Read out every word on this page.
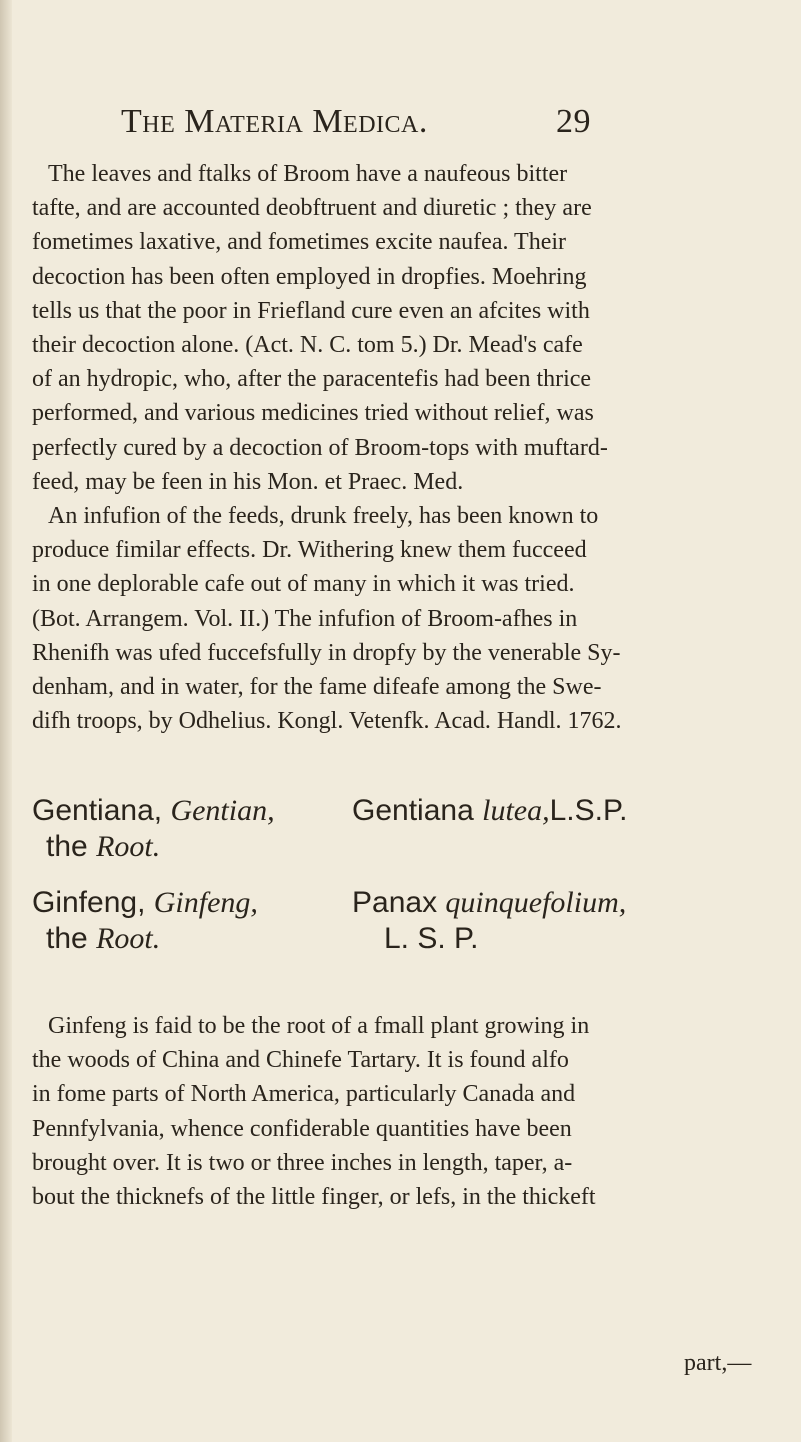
The Materia Medica.	29
The leaves and ftalks of Broom have a naufeous bitter
tafte, and are accounted deobftruent and diuretic ; they are
fometimes laxative, and fometimes excite naufea. Their
decoction has been often employed in dropfies. Moehring
tells us that the poor in Friefland cure even an afcites with
their decoction alone. (Act. N. C. tom 5.) Dr. Mead's cafe
of an hydropic, who, after the paracentefis had been thrice
performed, and various medicines tried without relief, was
perfectly cured by a decoction of Broom-tops with muftard-
feed, may be feen in his Mon. et Praec. Med.
An infufion of the feeds, drunk freely, has been known to
produce fimilar effects. Dr. Withering knew them fucceed
in one deplorable cafe out of many in which it was tried.
(Bot. Arrangem. Vol. II.) The infufion of Broom-afhes in
Rhenifh was ufed fuccefsfully in dropfy by the venerable Sy-
denham, and in water, for the fame difeafe among the Swe-
difh troops, by Odhelius. Kongl. Vetenfk. Acad. Handl. 1762.
Gentiana, Gentian,
the Root.
Gentiana lutea,L.S.P.
Ginfeng, Ginfeng,
the Root.
Panax quinquefolium,
L. S. P.
Ginfeng is faid to be the root of a fmall plant growing in
the woods of China and Chinefe Tartary. It is found alfo
in fome parts of North America, particularly Canada and
Pennfylvania, whence confiderable quantities have been
brought over. It is two or three inches in length, taper, a-
bout the thicknefs of the little finger, or lefs, in the thickeft
part,—
